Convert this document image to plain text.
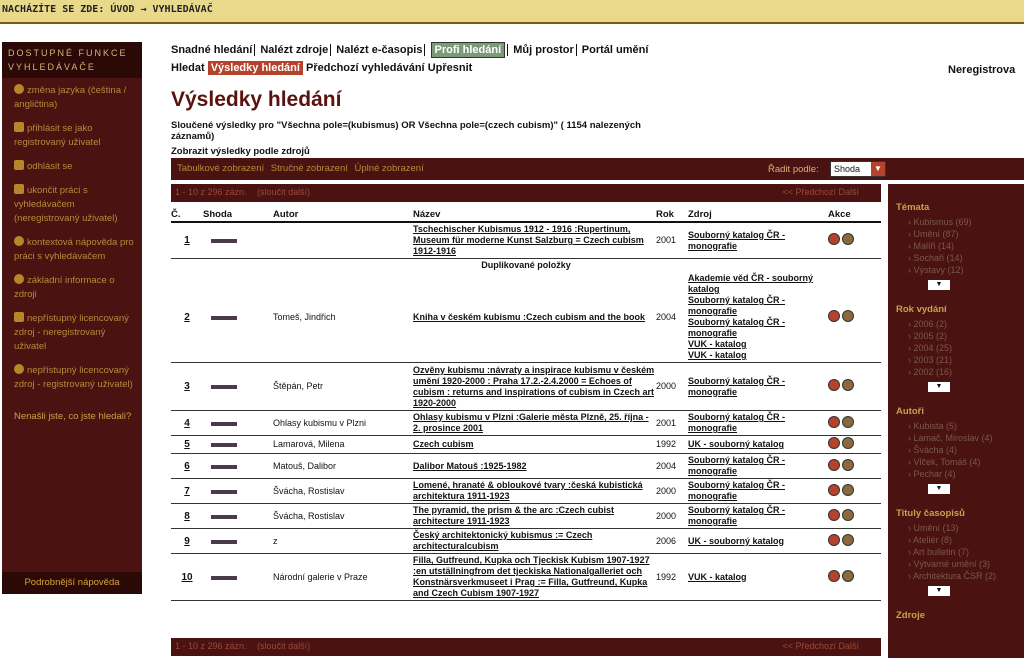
NACHÁZÍTE SE ZDE: ÚVOD → VYHLEDÁVAČ
DOSTUPNÉ FUNKCE VYHLEDÁVAČE
změna jazyka (čeština / angličtina)
přihlásit se jako registrovaný uživatel
odhlásit se
ukončit práci s vyhledávačem (neregistrovaný uživatel)
kontextová nápověda pro práci s vyhledávačem
základní informace o zdroji
nepřístupný licencovaný zdroj - neregistrovaný uživatel
nepřístupný licencovaný zdroj - registrovaný uživatel)
Nenašli jste, co jste hledali?
Podrobnější nápověda
Snadné hledání Nalézt zdroje Nalézt e-časopis Profi hledání Můj prostor Portál umění
Hledat Výsledky hledání Předchozí vyhledávání Upřesnit	Neregistrova
Výsledky hledání
Sloučené výsledky pro "Všechna pole=(kubismus) OR Všechna pole=(czech cubism)" ( 1154 nalezených záznamů)
Zobrazit výsledky podle zdrojů
Tabulkové zobrazení Stručné zobrazení Úplné zobrazení	Řadit podle:	Shoda	▼
1 - 10 z 296 zázn. (sloučit další)	<< Předchozí Další
Č.	Shoda	Autor	Název	Rok	Zdroj	Akce
1			Tschechischer Kubismus 1912 - 1916 :Rupertinum, Museum für moderne Kunst Salzburg = Czech cubism 1912-1916	2001	Souborný katalog ČR - monografie	
Duplikované položky						
2		Tomeš, Jindřich	Kniha v českém kubismu :Czech cubism and the book	2004	Akademie věd ČR - souborný katalog
Souborný katalog ČR - monografie
Souborný katalog ČR - monografie
VUK - katalog
VUK - katalog	
3		Štěpán, Petr	Ozvěny kubismu :návraty a inspirace kubismu v českém umění 1920-2000 : Praha 17.2.-2.4.2000 = Echoes of cubism : returns and inspirations of cubism in Czech art 1920-2000	2000	Souborný katalog ČR - monografie	
4		Ohlasy kubismu v Plzni	Ohlasy kubismu v Plzni :Galerie města Plzně, 25. října - 2. prosince 2001	2001	Souborný katalog ČR - monografie	
5		Lamarová, Milena	Czech cubism	1992	UK - souborný katalog	
6		Matouš, Dalibor	Dalibor Matouš :1925-1982	2004	Souborný katalog ČR - monografie	
7		Švácha, Rostislav	Lomené, hranaté & obloukové tvary :česká kubistická architektura 1911-1923	2000	Souborný katalog ČR - monografie	
8		Švácha, Rostislav	The pyramid, the prism & the arc :Czech cubist architecture 1911-1923	2000	Souborný katalog ČR - monografie	
9		z	Český architektonický kubismus := Czech architecturalcubism	2006	UK - souborný katalog	
10		Národní galerie v Praze	Filla, Gutfreund, Kupka och Tjeckisk Kubism 1907-1927 :en utställningfrom det tjeckiska Nationalgalleriet och Konstnärsverkmuseet i Prag := Filla, Gutfreund, Kupka and Czech Cubism 1907-1927	1992	VUK - katalog	
1 - 10 z 296 zázn. (sloučit další)	<< Předchozí Další
Témata
› Kubismus (69)
› Umění (87)
› Malíři (14)
› Sochaři (14)
› Výstavy (12)
▼
Rok vydání
› 2006 (2)
› 2005 (2)
› 2004 (25)
› 2003 (21)
› 2002 (16)
▼
Autoři
› Kubista (5)
› Lamač, Miroslav (4)
› Švácha (4)
› Vlček, Tomáš (4)
› Pechar (4)
▼
Tituly časopisů
› Umění (13)
› Ateliér (8)
› Art bulletin (7)
› Výtvarné umění (3)
› Architektura ČSR (2)
▼
Zdroje
